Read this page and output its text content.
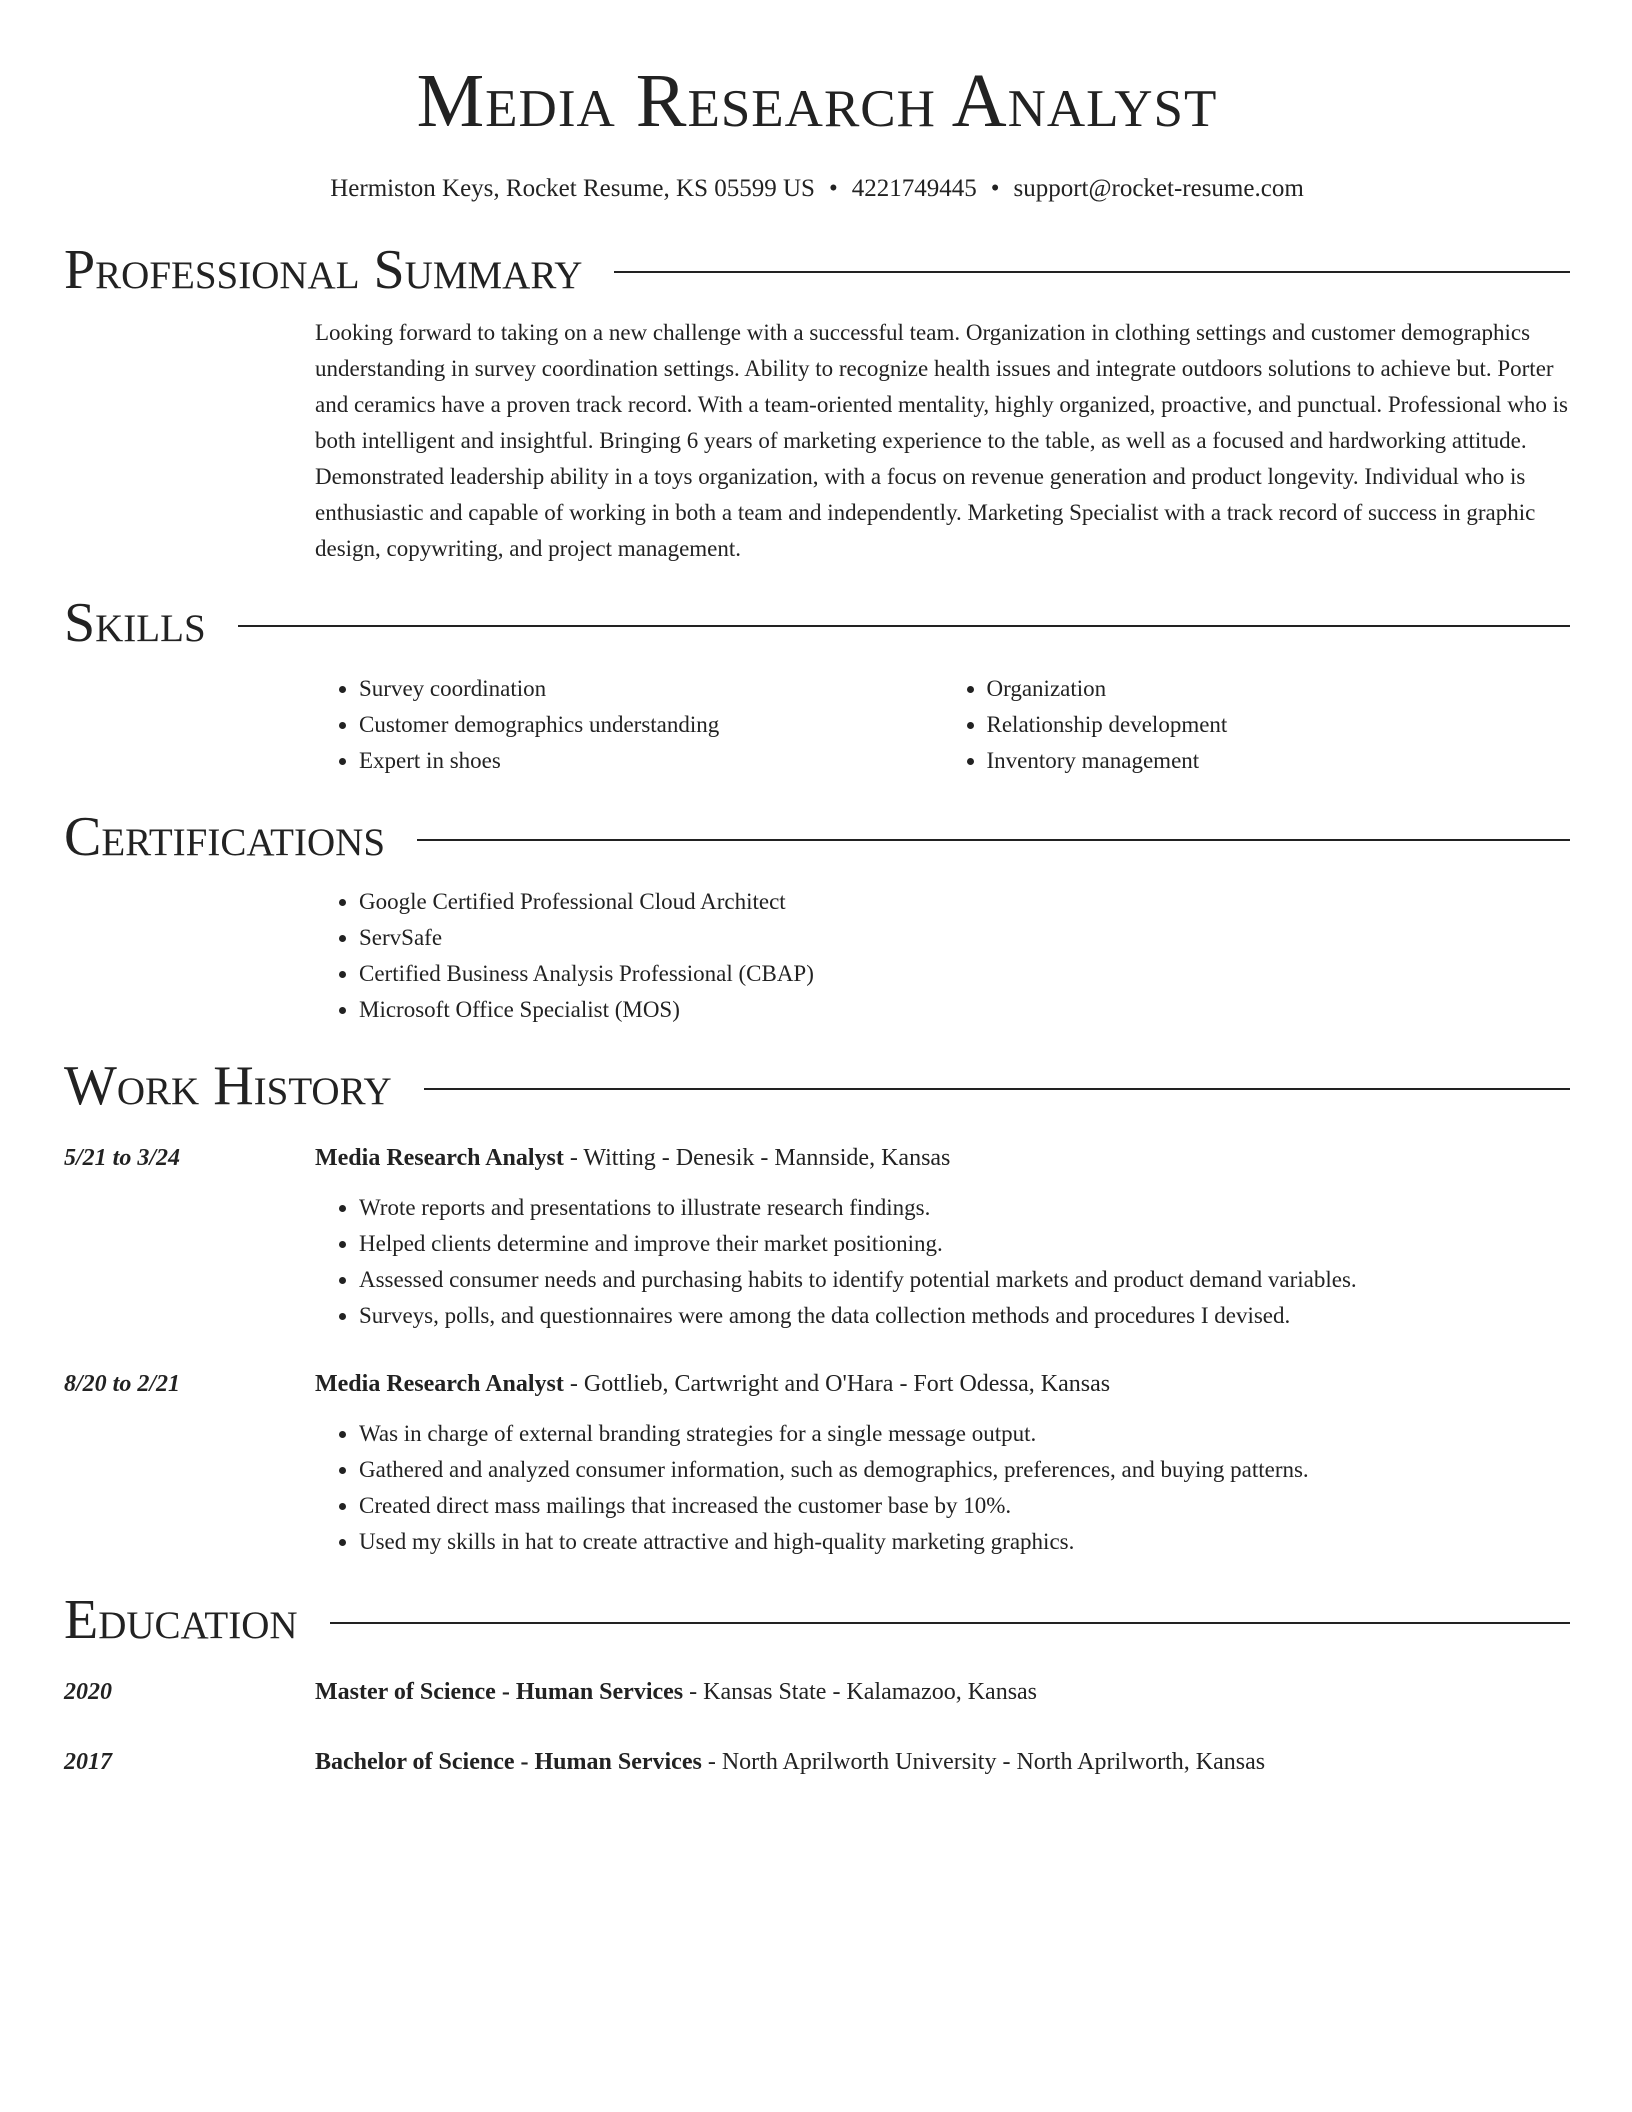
Media Research Analyst
Hermiston Keys, Rocket Resume, KS 05599 US • 4221749445 • support@rocket-resume.com
Professional Summary

Looking forward to taking on a new challenge with a successful team. Organization in clothing settings and customer demographics understanding in survey coordination settings. Ability to recognize health issues and integrate outdoors solutions to achieve but. Porter and ceramics have a proven track record. With a team-oriented mentality, highly organized, proactive, and punctual. Professional who is both intelligent and insightful. Bringing 6 years of marketing experience to the table, as well as a focused and hardworking attitude. Demonstrated leadership ability in a toys organization, with a focus on revenue generation and product longevity. Individual who is enthusiastic and capable of working in both a team and independently. Marketing Specialist with a track record of success in graphic design, copywriting, and project management.

Skills
• Survey coordination
• Customer demographics understanding
• Expert in shoes
• Organization
• Relationship development
• Inventory management
Certifications
• Google Certified Professional Cloud Architect
• ServSafe
• Certified Business Analysis Professional (CBAP)
• Microsoft Office Specialist (MOS)
Work History
5/21 to 3/24	Media Research Analyst - Witting - Denesik - Mannside, Kansas
• Wrote reports and presentations to illustrate research findings.
• Helped clients determine and improve their market positioning.
• Assessed consumer needs and purchasing habits to identify potential markets and product demand variables.
• Surveys, polls, and questionnaires were among the data collection methods and procedures I devised.
8/20 to 2/21	Media Research Analyst - Gottlieb, Cartwright and O'Hara - Fort Odessa, Kansas
• Was in charge of external branding strategies for a single message output.
• Gathered and analyzed consumer information, such as demographics, preferences, and buying patterns.
• Created direct mass mailings that increased the customer base by 10%.
• Used my skills in hat to create attractive and high-quality marketing graphics.
Education
2020	Master of Science - Human Services - Kansas State - Kalamazoo, Kansas
2017	Bachelor of Science - Human Services - North Aprilworth University - North Aprilworth, Kansas
